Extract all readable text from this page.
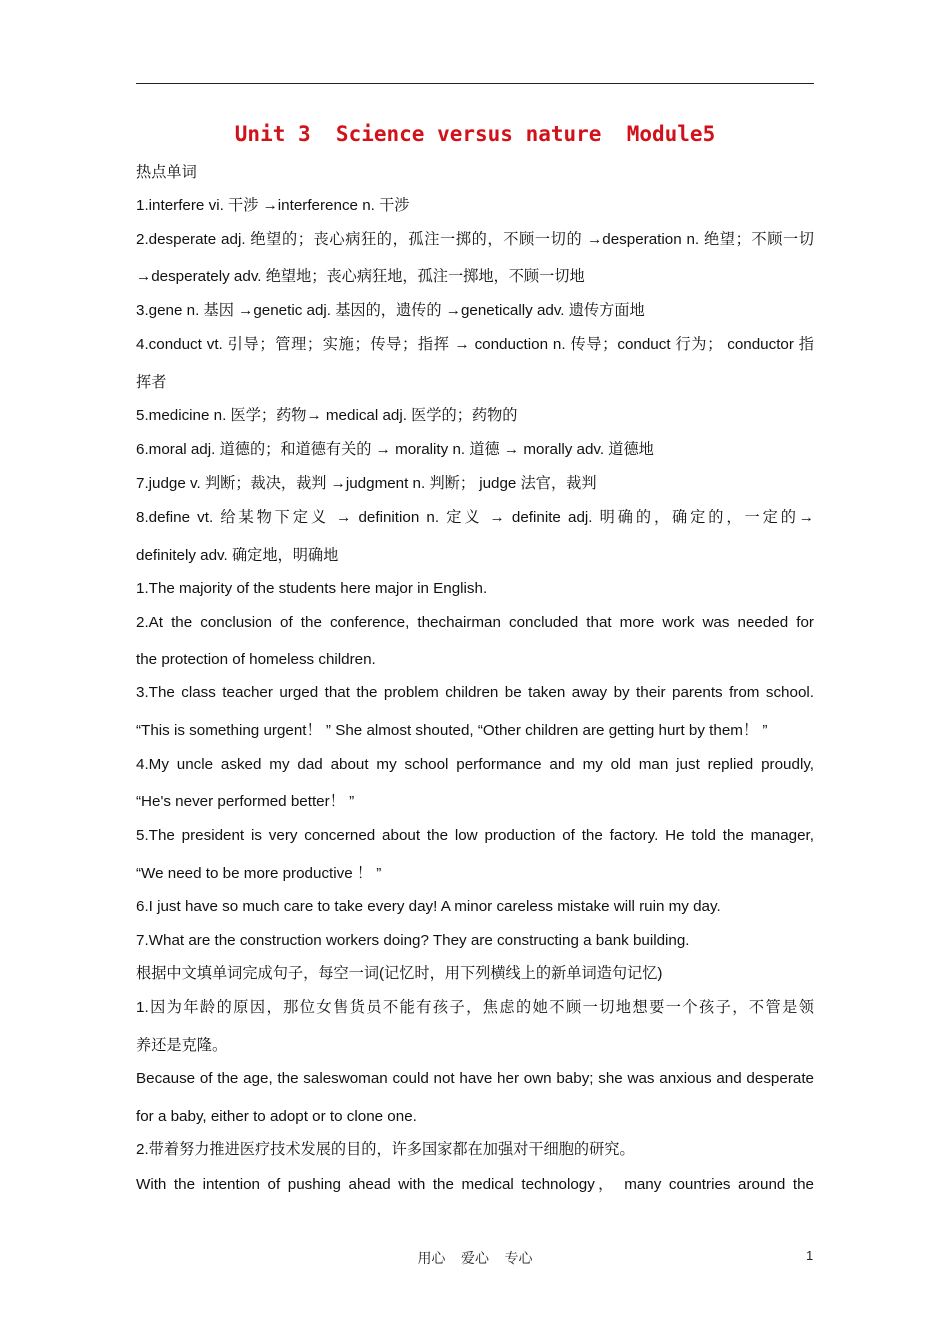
Unit 3  Science versus nature  Module5
热点单词
1.interfere vi. 干涉 →interference n. 干涉
2.desperate adj. 绝望的；丧心病狂的，孤注一掷的，不顾一切的 →desperation n. 绝望；不顾一切
→desperately adv. 绝望地；丧心病狂地，孤注一掷地，不顾一切地
3.gene n. 基因 →genetic adj. 基因的，遗传的 →genetically adv. 遗传方面地
4.conduct vt. 引导；管理；实施；传导；指挥 → conduction n. 传导；conduct 行为； conductor 指
挥者
5.medicine n. 医学；药物→ medical adj. 医学的；药物的
6.moral adj. 道德的；和道德有关的 → morality n. 道德 → morally adv. 道德地
7.judge v. 判断；裁决，裁判 →judgment n. 判断； judge 法官，裁判
8.define vt. 给某物下定义 → definition n. 定义 → definite adj. 明确的，确定的，一定的→
definitely adv. 确定地，明确地
1.The majority of the students here major in English.
2.At the conclusion of the conference, thechairman concluded that more work was needed for
the protection of homeless children.
3.The class teacher urged that the problem children be taken away by their parents from school.
“This is something urgent！ ” She almost shouted, “Other children are getting hurt by them！ ”
4.My uncle asked my dad about my school performance and my old man just replied proudly,
“He's never performed better！ ”
5.The president is very concerned about the low production of the factory. He told the manager,
“We need to be more productive ！ ”
6.I just have so much care to take every day! A minor careless mistake will ruin my day.
7.What are the construction workers doing? They are constructing a bank building.
根据中文填单词完成句子，每空一词(记忆时，用下列横线上的新单词造句记忆)
1.因为年龄的原因，那位女售货员不能有孩子，焦虑的她不顾一切地想要一个孩子，不管是领
养还是克隆。
Because of the age, the saleswoman could not have her own baby; she was anxious and desperate
for a baby, either to adopt or to clone one.
2.带着努力推进医疗技术发展的目的，许多国家都在加强对干细胞的研究。
With the intention of pushing ahead with the medical technology， many countries around the
用心    爱心    专心	1
